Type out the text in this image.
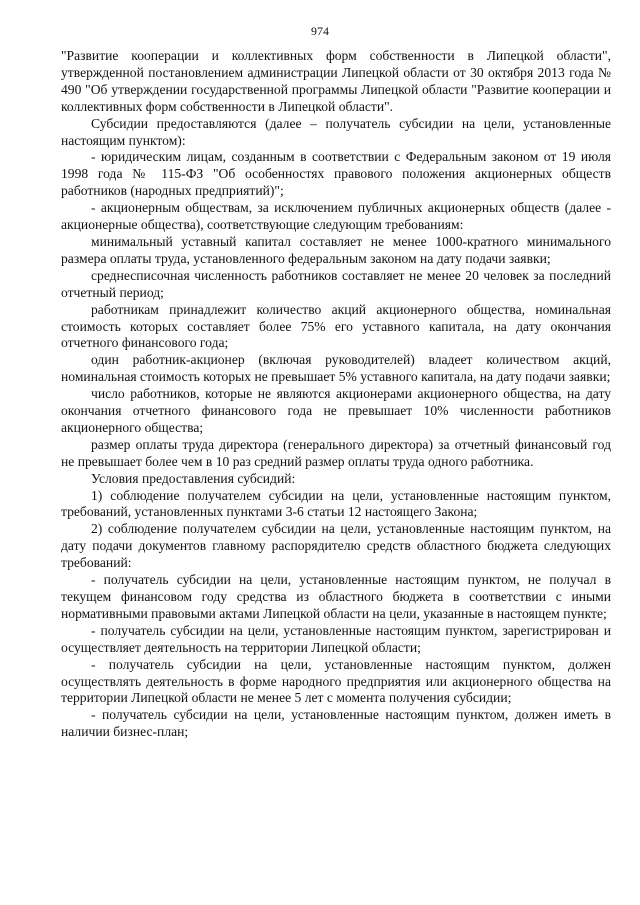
974

"Развитие кооперации и коллективных форм собственности в Липецкой области", утвержденной постановлением администрации Липецкой области от 30 октября 2013 года № 490 "Об утверждении государственной программы Липецкой области "Развитие кооперации и коллективных форм собственности в Липецкой области".

Субсидии предоставляются (далее – получатель субсидии на цели, установленные настоящим пунктом):

- юридическим лицам, созданным в соответствии с Федеральным законом от 19 июля 1998 года № 115-ФЗ "Об особенностях правового положения акционерных обществ работников (народных предприятий)";

- акционерным обществам, за исключением публичных акционерных обществ (далее - акционерные общества), соответствующие следующим требованиям:

минимальный уставный капитал составляет не менее 1000-кратного минимального размера оплаты труда, установленного федеральным законом на дату подачи заявки;

среднесписочная численность работников составляет не менее 20 человек за последний отчетный период;

работникам принадлежит количество акций акционерного общества, номинальная стоимость которых составляет более 75% его уставного капитала, на дату окончания отчетного финансового года;

один работник-акционер (включая руководителей) владеет количеством акций, номинальная стоимость которых не превышает 5% уставного капитала, на дату подачи заявки;

число работников, которые не являются акционерами акционерного общества, на дату окончания отчетного финансового года не превышает 10% численности работников акционерного общества;

размер оплаты труда директора (генерального директора) за отчетный финансовый год не превышает более чем в 10 раз средний размер оплаты труда одного работника.

Условия предоставления субсидий:

1) соблюдение получателем субсидии на цели, установленные настоящим пунктом, требований, установленных пунктами 3-6 статьи 12 настоящего Закона;

2) соблюдение получателем субсидии на цели, установленные настоящим пунктом, на дату подачи документов главному распорядителю средств областного бюджета следующих требований:

- получатель субсидии на цели, установленные настоящим пунктом, не получал в текущем финансовом году средства из областного бюджета в соответствии с иными нормативными правовыми актами Липецкой области на цели, указанные в настоящем пункте;

- получатель субсидии на цели, установленные настоящим пунктом, зарегистрирован и осуществляет деятельность на территории Липецкой области;

- получатель субсидии на цели, установленные настоящим пунктом, должен осуществлять деятельность в форме народного предприятия или акционерного общества на территории Липецкой области не менее 5 лет с момента получения субсидии;

- получатель субсидии на цели, установленные настоящим пунктом, должен иметь в наличии бизнес-план;
